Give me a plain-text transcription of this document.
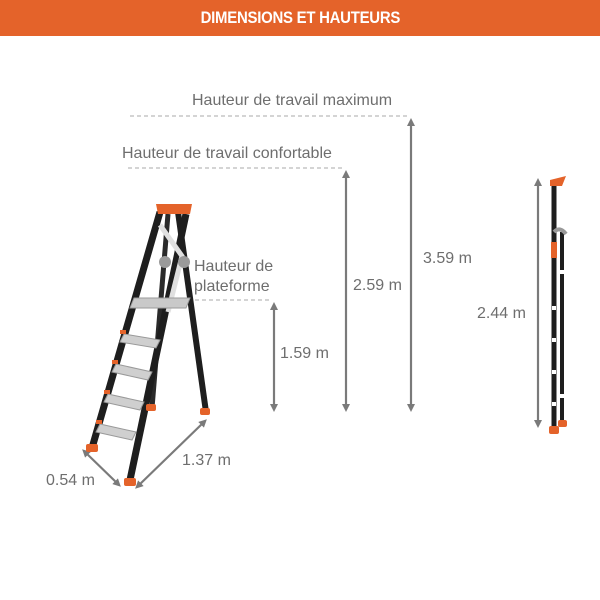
DIMENSIONS ET HAUTEURS
Hauteur de travail maximum
Hauteur de travail confortable
Hauteur de
plateforme
1.59 m
2.59 m
3.59 m
2.44 m
1.37 m
0.54 m
